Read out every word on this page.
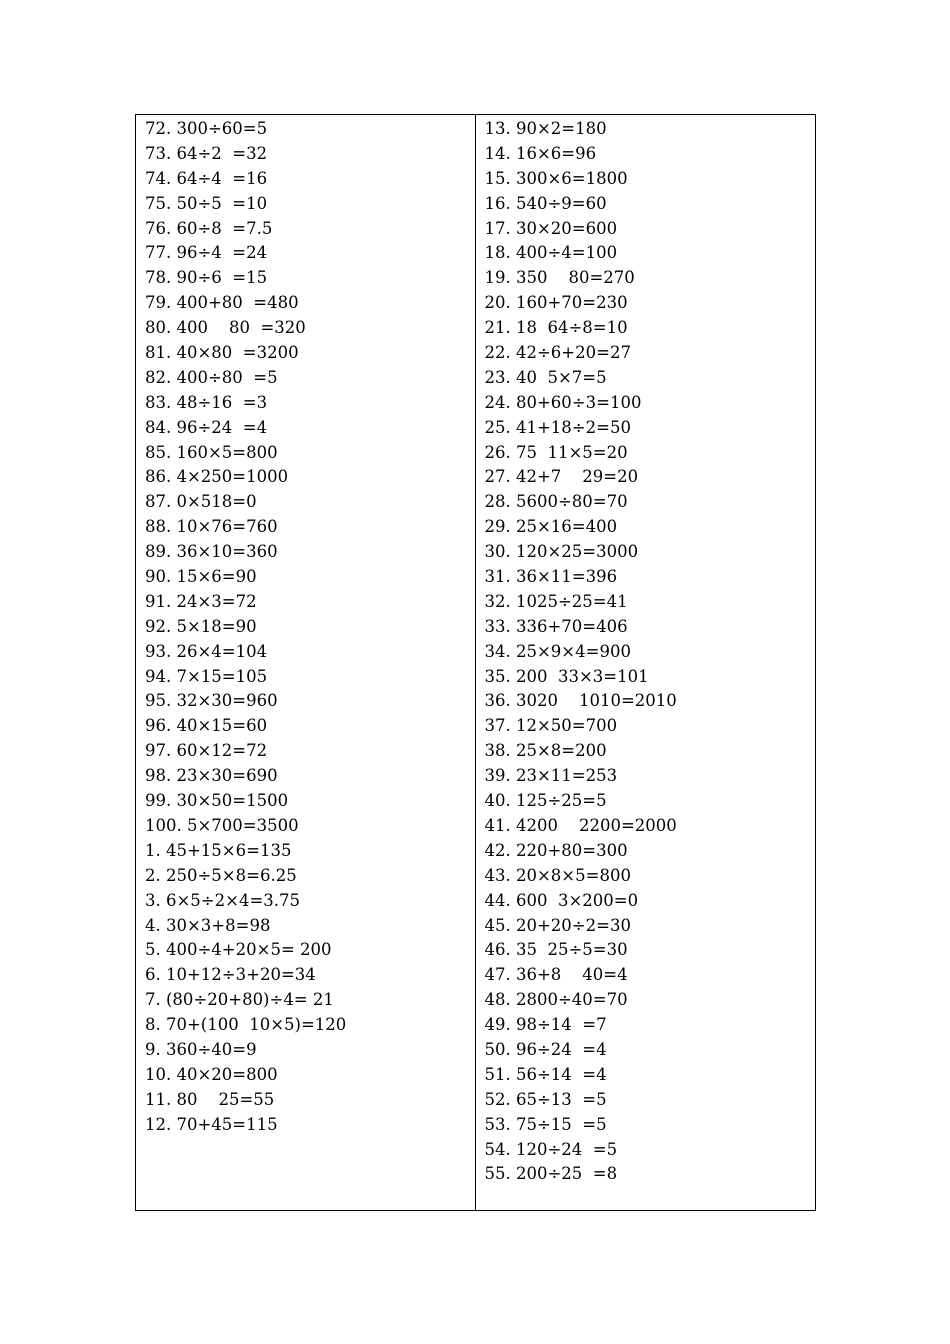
72. 300÷60=5
73. 64÷2  =32
74. 64÷4  =16
75. 50÷5  =10
76. 60÷8  =7.5
77. 96÷4  =24
78. 90÷6  =15
79. 400+80  =480
80. 400    80  =320
81. 40×80  =3200
82. 400÷80  =5
83. 48÷16  =3
84. 96÷24  =4
85. 160×5=800
86. 4×250=1000
87. 0×518=0
88. 10×76=760
89. 36×10=360
90. 15×6=90
91. 24×3=72
92. 5×18=90
93. 26×4=104
94. 7×15=105
95. 32×30=960
96. 40×15=60
97. 60×12=72
98. 23×30=690
99. 30×50=1500
100. 5×700=3500
1. 45+15×6=135
2. 250÷5×8=6.25
3. 6×5÷2×4=3.75
4. 30×3+8=98
5. 400÷4+20×5= 200
6. 10+12÷3+20=34
7. (80÷20+80)÷4= 21
8. 70+(100  10×5)=120
9. 360÷40=9
10. 40×20=800
11. 80    25=55
12. 70+45=115
13. 90×2=180
14. 16×6=96
15. 300×6=1800
16. 540÷9=60
17. 30×20=600
18. 400÷4=100
19. 350    80=270
20. 160+70=230
21. 18  64÷8=10
22. 42÷6+20=27
23. 40  5×7=5
24. 80+60÷3=100
25. 41+18÷2=50
26. 75  11×5=20
27. 42+7    29=20
28. 5600÷80=70
29. 25×16=400
30. 120×25=3000
31. 36×11=396
32. 1025÷25=41
33. 336+70=406
34. 25×9×4=900
35. 200  33×3=101
36. 3020    1010=2010
37. 12×50=700
38. 25×8=200
39. 23×11=253
40. 125÷25=5
41. 4200    2200=2000
42. 220+80=300
43. 20×8×5=800
44. 600  3×200=0
45. 20+20÷2=30
46. 35  25÷5=30
47. 36+8    40=4
48. 2800÷40=70
49. 98÷14  =7
50. 96÷24  =4
51. 56÷14  =4
52. 65÷13  =5
53. 75÷15  =5
54. 120÷24  =5
55. 200÷25  =8
